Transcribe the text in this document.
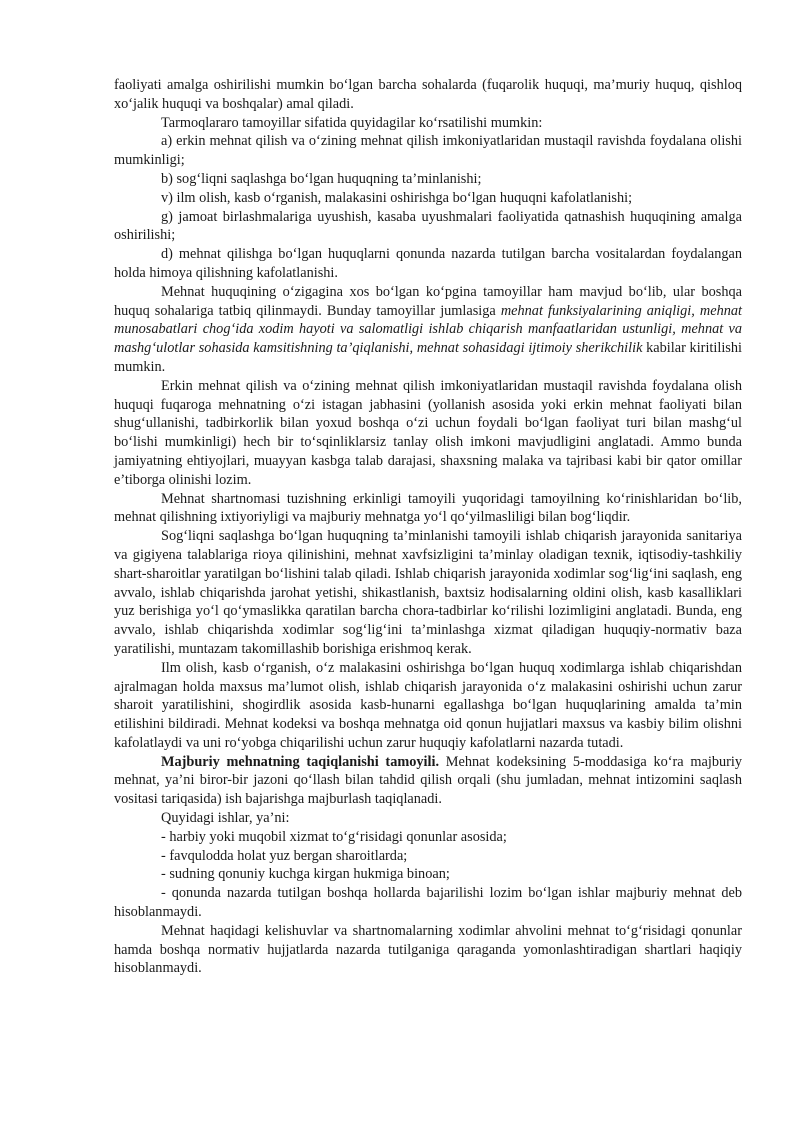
faoliyati amalga oshirilishi mumkin bo‘lgan barcha sohalarda (fuqarolik huquqi, ma’muriy huquq, qishloq xo‘jalik huquqi va boshqalar) amal qiladi.

Tarmoqlararo tamoyillar sifatida quyidagilar ko‘rsatilishi mumkin:

a) erkin mehnat qilish va o‘zining mehnat qilish imkoniyatlaridan mustaqil ravishda foydalana olishi mumkinligi;

b) sog‘liqni saqlashga bo‘lgan huquqning ta’minlanishi;

v) ilm olish, kasb o‘rganish, malakasini oshirishga bo‘lgan huquqni kafolatlanishi;

g) jamoat birlashmalariga uyushish, kasaba uyushmalari faoliyatida qatnashish huquqining amalga oshirilishi;

d) mehnat qilishga bo‘lgan huquqlarni qonunda nazarda tutilgan barcha vositalardan foydalangan holda himoya qilishning kafolatlanishi.

Mehnat huquqining o‘zigagina xos bo‘lgan ko‘pgina tamoyillar ham mavjud bo‘lib, ular boshqa huquq sohalariga tatbiq qilinmaydi. Bunday tamoyillar jumlasiga mehnat funksiyalarining aniqligi, mehnat munosabatlari chog‘ida xodim hayoti va salomatligi ishlab chiqarish manfaatlaridan ustunligi, mehnat va mashg‘ulotlar sohasida kamsitishning ta’qiqlanishi, mehnat sohasidagi ijtimoiy sherikchilik kabilar kiritilishi mumkin.

Erkin mehnat qilish va o‘zining mehnat qilish imkoniyatlaridan mustaqil ravishda foydalana olish huquqi fuqaroga mehnatning o‘zi istagan jabhasini (yollanish asosida yoki erkin mehnat faoliyati bilan shug‘ullanishi, tadbirkorlik bilan yoxud boshqa o‘zi uchun foydali bo‘lgan faoliyat turi bilan mashg‘ul bo‘lishi mumkinligi) hech bir to‘sqinliklarsiz tanlay olish imkoni mavjudligini anglatadi. Ammo bunda jamiyatning ehtiyojlari, muayyan kasbga talab darajasi, shaxsning malaka va tajribasi kabi bir qator omillar e’tiborga olinishi lozim.

Mehnat shartnomasi tuzishning erkinligi tamoyili yuqoridagi tamoyilning ko‘rinishlaridan bo‘lib, mehnat qilishning ixtiyoriyligi va majburiy mehnatga yo‘l qo‘yilmasliligi bilan bog‘liqdir.

Sog‘liqni saqlashga bo‘lgan huquqning ta’minlanishi tamoyili ishlab chiqarish jarayonida sanitariya va gigiyena talablariga rioya qilinishini, mehnat xavfsizligini ta’minlay oladigan texnik, iqtisodiy-tashkiliy shart-sharoitlar yaratilgan bo‘lishini talab qiladi. Ishlab chiqarish jarayonida xodimlar sog‘lig‘ini saqlash, eng avvalo, ishlab chiqarishda jarohat yetishi, shikastlanish, baxtsiz hodisalarning oldini olish, kasb kasalliklari yuz berishiga yo‘l qo‘ymaslikka qaratilan barcha chora-tadbirlar ko‘rilishi lozimligini anglatadi. Bunda, eng avvalo, ishlab chiqarishda xodimlar sog‘lig‘ini ta’minlashga xizmat qiladigan huquqiy-normativ baza yaratilishi, muntazam takomillashib borishiga erishmoq kerak.

Ilm olish, kasb o‘rganish, o‘z malakasini oshirishga bo‘lgan huquq xodimlarga ishlab chiqarishdan ajralmagan holda maxsus ma’lumot olish, ishlab chiqarish jarayonida o‘z malakasini oshirishi uchun zarur sharoit yaratilishini, shogirdlik asosida kasb-hunarni egallashga bo‘lgan huquqlarining amalda ta’min etilishini bildiradi. Mehnat kodeksi va boshqa mehnatga oid qonun hujjatlari maxsus va kasbiy bilim olishni kafolatlaydi va uni ro‘yobga chiqarilishi uchun zarur huquqiy kafolatlarni nazarda tutadi.

Majburiy mehnatning taqiqlanishi tamoyili. Mehnat kodeksining 5-moddasiga ko‘ra majburiy mehnat, ya’ni biror-bir jazoni qo‘llash bilan tahdid qilish orqali (shu jumladan, mehnat intizomini saqlash vositasi tariqasida) ish bajarishga majburlash taqiqlanadi.

Quyidagi ishlar, ya’ni:

- harbiy yoki muqobil xizmat to‘g‘risidagi qonunlar asosida;

- favqulodda holat yuz bergan sharoitlarda;

- sudning qonuniy kuchga kirgan hukmiga binoan;

- qonunda nazarda tutilgan boshqa hollarda bajarilishi lozim bo‘lgan ishlar majburiy mehnat deb hisoblanmaydi.

Mehnat haqidagi kelishuvlar va shartnomalarning xodimlar ahvolini mehnat to‘g‘risidagi qonunlar hamda boshqa normativ hujjatlarda nazarda tutilganiga qaraganda yomonlashtiradigan shartlari haqiqiy hisoblanmaydi.
